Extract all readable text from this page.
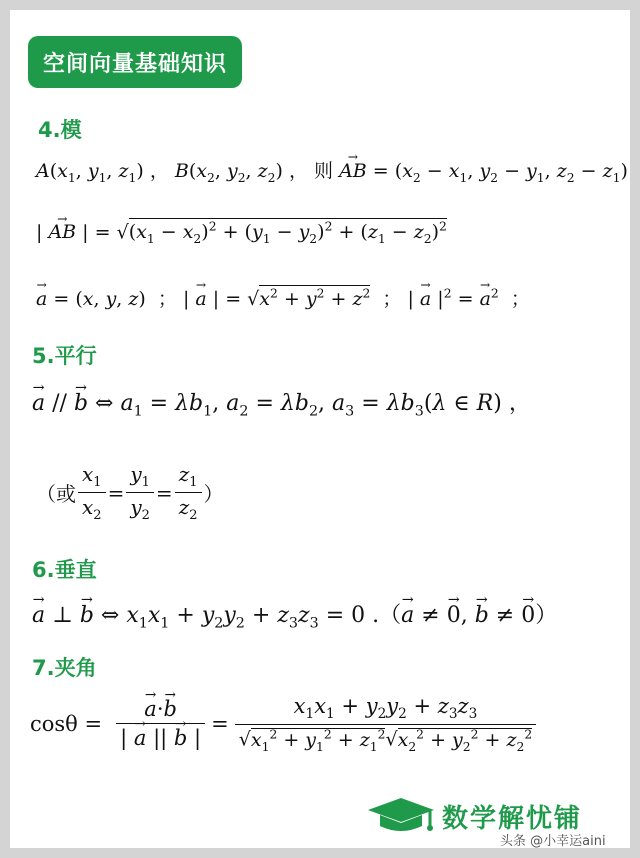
空间向量基础知识
4.模
$A(x_1$, $y_1$, $z_1$) ， $B(x_2$, $y_2$, $z_2$) ， 则 → AB = ($x_2 - x_1$, $y_2 - y_1$, $z_2 - z_1$)
| → AB | = $√(x_1 - x_2)^2 + (y_1 - y_2)^2 + (z_1 - z_2)^2$
→ a = (x, y, z)  ； | → a | = $√x^2 + y^2 + z^2$ ； | → a $|^2$ = → $a^2$ ；
5.平行
→ a // → b ⇔ $a_1 = \lambda b_1$, $a_2 = \lambda b_2$, $a_3 = \lambda b_3(\lambda$ ∈ R) ，
（或 $\frac{x_1}{x_2} = \frac{y_1}{y_2} = \frac{z_1}{z_2}$ ）
6.垂直
→ a ⊥ → b ⇔ $x_1x_1 + y_2y_2 + z_3z_3 = 0$ .（→ a ≠ → 0, → b ≠ → 0）
7.夹角
cosθ = → $\frac{a\cdot\to b}{| \to a || \to b |} = \frac{x_1x_1 + y_2y_2 + z_3z_3}{√x_1^2 + y_1^2 + z_1^2√x_2^2 + y_2^2 + z_2^2}$
数学解忧铺
头条 @小幸运aini
